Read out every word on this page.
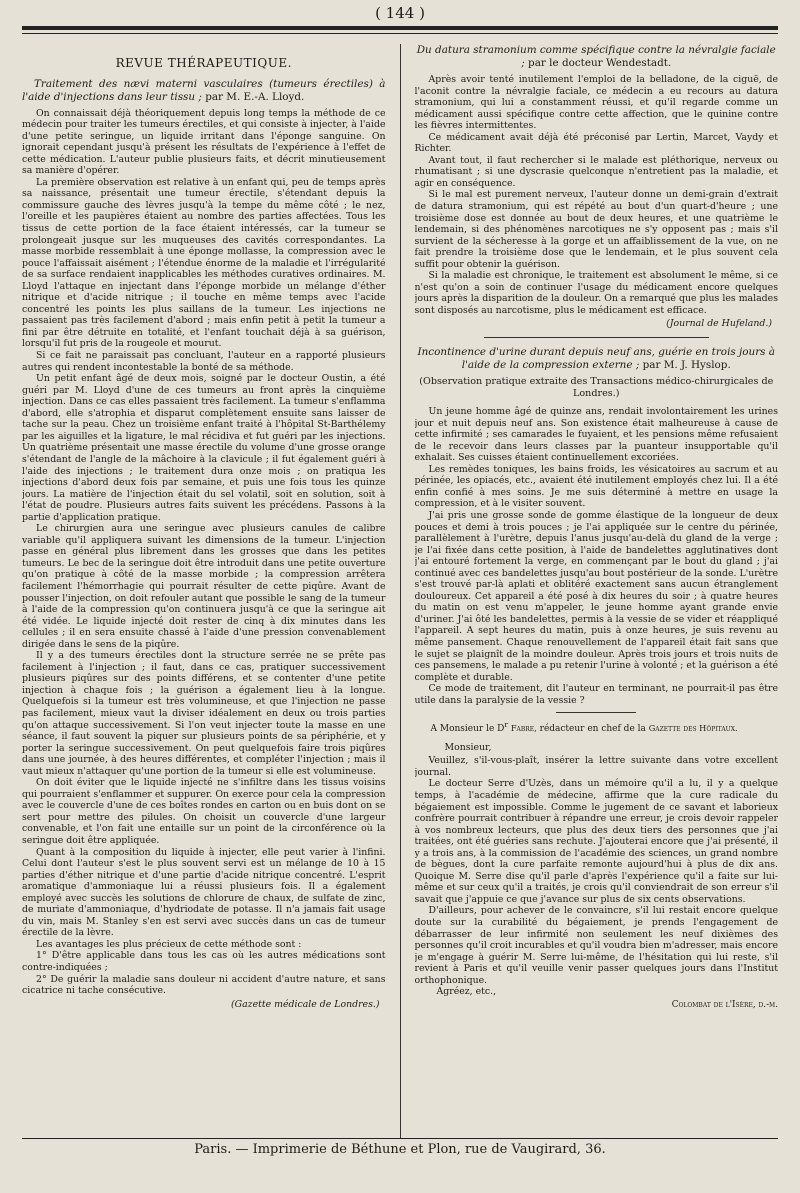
( 144 )
REVUE THÉRAPEUTIQUE.
Traitement des nævi materni vasculaires (tumeurs érectiles) à l'aide d'injections dans leur tissu ; par M. E.-A. Lloyd.

On connaissait déjà théoriquement depuis long temps la méthode de ce médecin pour traiter les tumeurs érectiles, et qui consiste à injecter, à l'aide d'une petite seringue, un liquide irritant dans l'éponge sanguine. On ignorait cependant jusqu'à présent les résultats de l'expérience à l'effet de cette médication. L'auteur publie plusieurs faits, et décrit minutieusement sa manière d'opérer.

La première observation est relative à un enfant qui, peu de temps après sa naissance, présentait une tumeur érectile, s'étendant depuis la commissure gauche des lèvres jusqu'à la tempe du même côté ; le nez, l'oreille et les paupières étaient au nombre des parties affectées. Tous les tissus de cette portion de la face étaient intéressés, car la tumeur se prolongeait jusque sur les muqueuses des cavités correspondantes. La masse morbide ressemblait à une éponge mollasse, la compression avec le pouce l'affaissait aisément ; l'étendue énorme de la maladie et l'irrégularité de sa surface rendaient inapplicables les méthodes curatives ordinaires. M. Lloyd l'attaque en injectant dans l'éponge morbide un mélange d'éther nitrique et d'acide nitrique ; il touche en même temps avec l'acide concentré les points les plus saillans de la tumeur. Les injections ne passaient pas très facilement d'abord ; mais enfin petit à petit la tumeur a fini par être détruite en totalité, et l'enfant touchait déjà à sa guérison, lorsqu'il fut pris de la rougeole et mourut.

Si ce fait ne paraissait pas concluant, l'auteur en a rapporté plusieurs autres qui rendent incontestable la bonté de sa méthode.

Un petit enfant âgé de deux mois, soigné par le docteur Oustin, a été guéri par M. Lloyd d'une de ces tumeurs au front après la cinquième injection. Dans ce cas elles passaient très facilement. La tumeur s'enflamma d'abord, elle s'atrophia et disparut complètement ensuite sans laisser de tache sur la peau. Chez un troisième enfant traité à l'hôpital St-Barthélemy par les aiguilles et la ligature, le mal récidiva et fut guéri par les injections. Un quatrième présentait une masse érectile du volume d'une grosse orange s'étendant de l'angle de la mâchoire à la clavicule ; il fut également guéri à l'aide des injections ; le traitement dura onze mois ; on pratiqua les injections d'abord deux fois par semaine, et puis une fois tous les quinze jours. La matière de l'injection était du sel volatil, soit en solution, soit à l'état de poudre. Plusieurs autres faits suivent les précédens. Passons à la partie d'application pratique.

Le chirurgien aura une seringue avec plusieurs canules de calibre variable qu'il appliquera suivant les dimensions de la tumeur. L'injection passe en général plus librement dans les grosses que dans les petites tumeurs. Le bec de la seringue doit être introduit dans une petite ouverture qu'on pratique à côté de la masse morbide ; la compression arrêtera facilement l'hémorrhagie qui pourrait résulter de cette piqûre. Avant de pousser l'injection, on doit refouler autant que possible le sang de la tumeur à l'aide de la compression qu'on continuera jusqu'à ce que la seringue ait été vidée. Le liquide injecté doit rester de cinq à dix minutes dans les cellules ; il en sera ensuite chassé à l'aide d'une pression convenablement dirigée dans le sens de la piqûre.

Il y a des tumeurs érectiles dont la structure serrée ne se prête pas facilement à l'injection ; il faut, dans ce cas, pratiquer successivement plusieurs piqûres sur des points différens, et se contenter d'une petite injection à chaque fois ; la guérison a également lieu à la longue. Quelquefois si la tumeur est très volumineuse, et que l'injection ne passe pas facilement, mieux vaut la diviser idéalement en deux ou trois parties qu'on attaque successivement. Si l'on veut injecter toute la masse en une séance, il faut souvent la piquer sur plusieurs points de sa périphérie, et y porter la seringue successivement. On peut quelquefois faire trois piqûres dans une journée, à des heures différentes, et compléter l'injection ; mais il vaut mieux n'attaquer qu'une portion de la tumeur si elle est volumineuse.

On doit éviter que le liquide injecté ne s'infiltre dans les tissus voisins qui pourraient s'enflammer et suppurer. On exerce pour cela la compression avec le couvercle d'une de ces boîtes rondes en carton ou en buis dont on se sert pour mettre des pilules. On choisit un couvercle d'une largeur convenable, et l'on fait une entaille sur un point de la circonférence où la seringue doit être appliquée.

Quant à la composition du liquide à injecter, elle peut varier à l'infini. Celui dont l'auteur s'est le plus souvent servi est un mélange de 10 à 15 parties d'éther nitrique et d'une partie d'acide nitrique concentré. L'esprit aromatique d'ammoniaque lui a réussi plusieurs fois. Il a également employé avec succès les solutions de chlorure de chaux, de sulfate de zinc, de muriate d'ammoniaque, d'hydriodate de potasse. Il n'a jamais fait usage du vin, mais M. Stanley s'en est servi avec succès dans un cas de tumeur érectile de la lèvre.

Les avantages les plus précieux de cette méthode sont :

1° D'être applicable dans tous les cas où les autres médications sont contre-indiquées ;

2° De guérir la maladie sans douleur ni accident d'autre nature, et sans cicatrice ni tache consécutive.

(Gazette médicale de Londres.)
Du datura stramonium comme spécifique contre la névralgie faciale ; par le docteur Wendestadt.

Après avoir tenté inutilement l'emploi de la belladone, de la ciguë, de l'aconit contre la névralgie faciale, ce médecin a eu recours au datura stramonium, qui lui a constamment réussi, et qu'il regarde comme un médicament aussi spécifique contre cette affection, que le quinine contre les fièvres intermittentes.

Ce médicament avait déjà été préconisé par Lertin, Marcet, Vaydy et Richter.

Avant tout, il faut rechercher si le malade est pléthorique, nerveux ou rhumatisant ; si une dyscrasie quelconque n'entretient pas la maladie, et agir en conséquence.

Si le mal est purement nerveux, l'auteur donne un demi-grain d'extrait de datura stramonium, qui est répété au bout d'un quart-d'heure ; une troisième dose est donnée au bout de deux heures, et une quatrième le lendemain, si des phénomènes narcotiques ne s'y opposent pas ; mais s'il survient de la sécheresse à la gorge et un affaiblissement de la vue, on ne fait prendre la troisième dose que le lendemain, et le plus souvent cela suffit pour obtenir la guérison.

Si la maladie est chronique, le traitement est absolument le même, si ce n'est qu'on a soin de continuer l'usage du médicament encore quelques jours après la disparition de la douleur. On a remarqué que plus les malades sont disposés au narcotisme, plus le médicament est efficace.

(Journal de Hufeland.)
Incontinence d'urine durant depuis neuf ans, guérie en trois jours à l'aide de la compression externe ; par M. J. Hyslop.
(Observation pratique extraite des Transactions médico-chirurgicales de Londres.)

Un jeune homme âgé de quinze ans, rendait involontairement les urines jour et nuit depuis neuf ans. Son existence était malheureuse à cause de cette infirmité ; ses camarades le fuyaient, et les pensions même refusaient de le recevoir dans leurs classes par la puanteur insupportable qu'il exhalait. Ses cuisses étaient continuellement excoriées.

Les remèdes toniques, les bains froids, les vésicatoires au sacrum et au périnée, les opiacés, etc., avaient été inutilement employés chez lui. Il a été enfin confié à mes soins. Je me suis déterminé à mettre en usage la compression, et à le visiter souvent.

J'ai pris une grosse sonde de gomme élastique de la longueur de deux pouces et demi à trois pouces ; je l'ai appliquée sur le centre du périnée, parallèlement à l'urètre, depuis l'anus jusqu'au-delà du gland de la verge ; je l'ai fixée dans cette position, à l'aide de bandelettes agglutinatives dont j'ai entouré fortement la verge, en commençant par le bout du gland ; j'ai continué avec ces bandelettes jusqu'au bout postérieur de la sonde. L'urètre s'est trouvé par-là aplati et oblitéré exactement sans aucun étranglement douloureux. Cet appareil a été posé à dix heures du soir ; à quatre heures du matin on est venu m'appeler, le jeune homme ayant grande envie d'uriner. J'ai ôté les bandelettes, permis à la vessie de se vider et réappliqué l'appareil. A sept heures du matin, puis à onze heures, je suis revenu au même pansement. Chaque renouvellement de l'appareil était fait sans que le sujet se plaignît de la moindre douleur. Après trois jours et trois nuits de ces pansemens, le malade a pu retenir l'urine à volonté ; et la guérison a été complète et durable.

Ce mode de traitement, dit l'auteur en terminant, ne pourrait-il pas être utile dans la paralysie de la vessie ?

A Monsieur le $D^r$ Fabre, rédacteur en chef de la Gazette des Hôpitaux.
Monsieur,

Veuillez, s'il-vous-plaît, insérer la lettre suivante dans votre excellent journal.

Le docteur Serre d'Uzès, dans un mémoire qu'il a lu, il y a quelque temps, à l'académie de médecine, affirme que la cure radicale du bégaiement est impossible. Comme le jugement de ce savant et laborieux confrère pourrait contribuer à répandre une erreur, je crois devoir rappeler à vos nombreux lecteurs, que plus des deux tiers des personnes que j'ai traitées, ont été guéries sans rechute. J'ajouterai encore que j'ai présenté, il y a trois ans, à la commission de l'académie des sciences, un grand nombre de bègues, dont la cure parfaite remonte aujourd'hui à plus de dix ans. Quoique M. Serre dise qu'il parle d'après l'expérience qu'il a faite sur lui-même et sur ceux qu'il a traités, je crois qu'il conviendrait de son erreur s'il savait que j'appuie ce que j'avance sur plus de six cents observations.

D'ailleurs, pour achever de le convaincre, s'il lui restait encore quelque doute sur la curabilité du bégaiement, je prends l'engagement de débarrasser de leur infirmité non seulement les neuf dixièmes des personnes qu'il croit incurables et qu'il voudra bien m'adresser, mais encore je m'engage à guérir M. Serre lui-même, de l'hésitation qui lui reste, s'il revient à Paris et qu'il veuille venir passer quelques jours dans l'Institut orthophonique.

Agréez, etc.,

Colombat de l'Isère, d.-m.
Paris. — Imprimerie de Béthune et Plon, rue de Vaugirard, 36.
